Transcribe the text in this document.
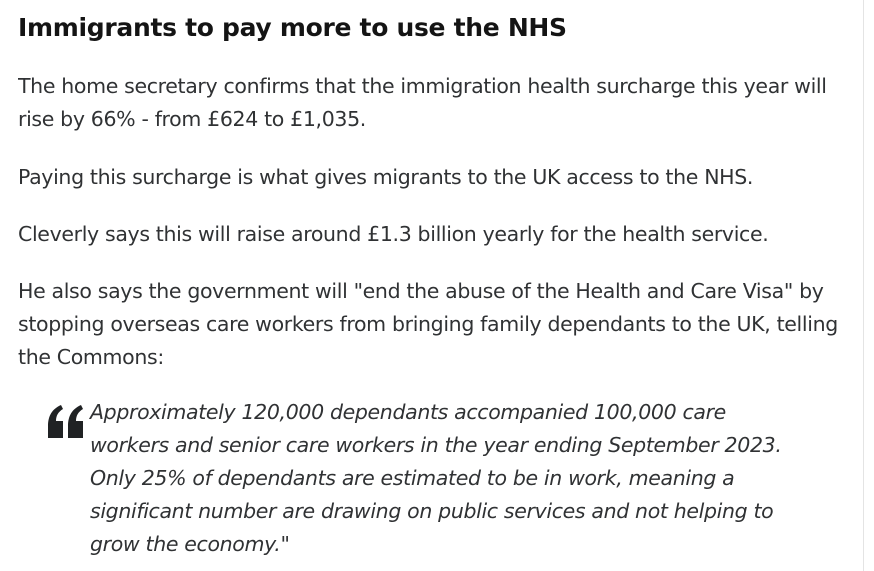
Immigrants to pay more to use the NHS

The home secretary confirms that the immigration health surcharge this year will rise by 66% - from £624 to £1,035.

Paying this surcharge is what gives migrants to the UK access to the NHS.

Cleverly says this will raise around £1.3 billion yearly for the health service.

He also says the government will "end the abuse of the Health and Care Visa" by stopping overseas care workers from bringing family dependants to the UK, telling the Commons:

Approximately 120,000 dependants accompanied 100,000 care workers and senior care workers in the year ending September 2023. Only 25% of dependants are estimated to be in work, meaning a significant number are drawing on public services and not helping to grow the economy."
